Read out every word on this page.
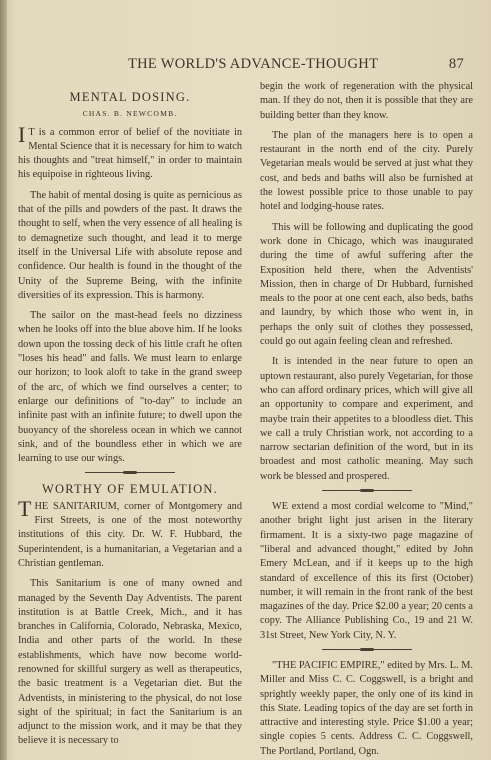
THE WORLD'S ADVANCE-THOUGHT	87
MENTAL DOSING.
CHAS. B. NEWCOMB.

I T is a common error of belief of the novitiate in Mental Science that it is necessary for him to watch his thoughts and "treat himself," in order to maintain his equipoise in righteous living.

The habit of mental dosing is quite as pernicious as that of the pills and powders of the past. It draws the thought to self, when the very essence of all healing is to demagnetize such thought, and lead it to merge itself in the Universal Life with absolute repose and confidence. Our health is found in the thought of the Unity of the Supreme Being, with the infinite diversities of its expression. This is harmony.

The sailor on the mast-head feels no dizziness when he looks off into the blue above him. If he looks down upon the tossing deck of his little craft he often "loses his head" and falls. We must learn to enlarge our horizon; to look aloft to take in the grand sweep of the arc, of which we find ourselves a center; to enlarge our definitions of "to-day" to include an infinite past with an infinite future; to dwell upon the buoyancy of the shoreless ocean in which we cannot sink, and of the boundless ether in which we are learning to use our wings.

WORTHY OF EMULATION.

THE SANITARIUM, corner of Montgomery and First Streets, is one of the most noteworthy institutions of this city. Dr. W. F. Hubbard, the Superintendent, is a humanitarian, a Vegetarian and a Christian gentleman.

This Sanitarium is one of many owned and managed by the Seventh Day Adventists. The parent institution is at Battle Creek, Mich., and it has branches in California, Colorado, Nebraska, Mexico, India and other parts of the world. In these establishments, which have now become world-renowned for skillful surgery as well as therapeutics, the basic treatment is a Vegetarian diet. But the Adventists, in ministering to the physical, do not lose sight of the spiritual; in fact the Sanitarium is an adjunct to the mission work, and it may be that they believe it is necessary to

begin the work of regeneration with the physical man. If they do not, then it is possible that they are building better than they know.

The plan of the managers here is to open a restaurant in the north end of the city. Purely Vegetarian meals would be served at just what they cost, and beds and baths will also be furnished at the lowest possible price to those unable to pay hotel and lodging-house rates.

This will be following and duplicating the good work done in Chicago, which was inaugurated during the time of awful suffering after the Exposition held there, when the Adventists' Mission, then in charge of Dr Hubbard, furnished meals to the poor at one cent each, also beds, baths and laundry, by which those who went in, in perhaps the only suit of clothes they possessed, could go out again feeling clean and refreshed.

It is intended in the near future to open an uptown restaurant, also purely Vegetarian, for those who can afford ordinary prices, which will give all an opportunity to compare and experiment, and maybe train their appetites to a bloodless diet. This we call a truly Christian work, not according to a narrow sectarian definition of the word, but in its broadest and most catholic meaning. May such work be blessed and prospered.

WE extend a most cordial welcome to "Mind," another bright light just arisen in the literary firmament. It is a sixty-two page magazine of "liberal and advanced thought," edited by John Emery McLean, and if it keeps up to the high standard of excellence of this its first (October) number, it will remain in the front rank of the best magazines of the day. Price $2.00 a year; 20 cents a copy. The Alliance Publishing Co., 19 and 21 W. 31st Street, New York City, N. Y.

"THE PACIFIC EMPIRE," edited by Mrs. L. M. Miller and Miss C. C. Coggswell, is a bright and sprightly weekly paper, the only one of its kind in this State. Leading topics of the day are set forth in attractive and interesting style. Price $1.00 a year; single copies 5 cents. Address C. C. Coggswell, The Portland, Portland, Ogn.
